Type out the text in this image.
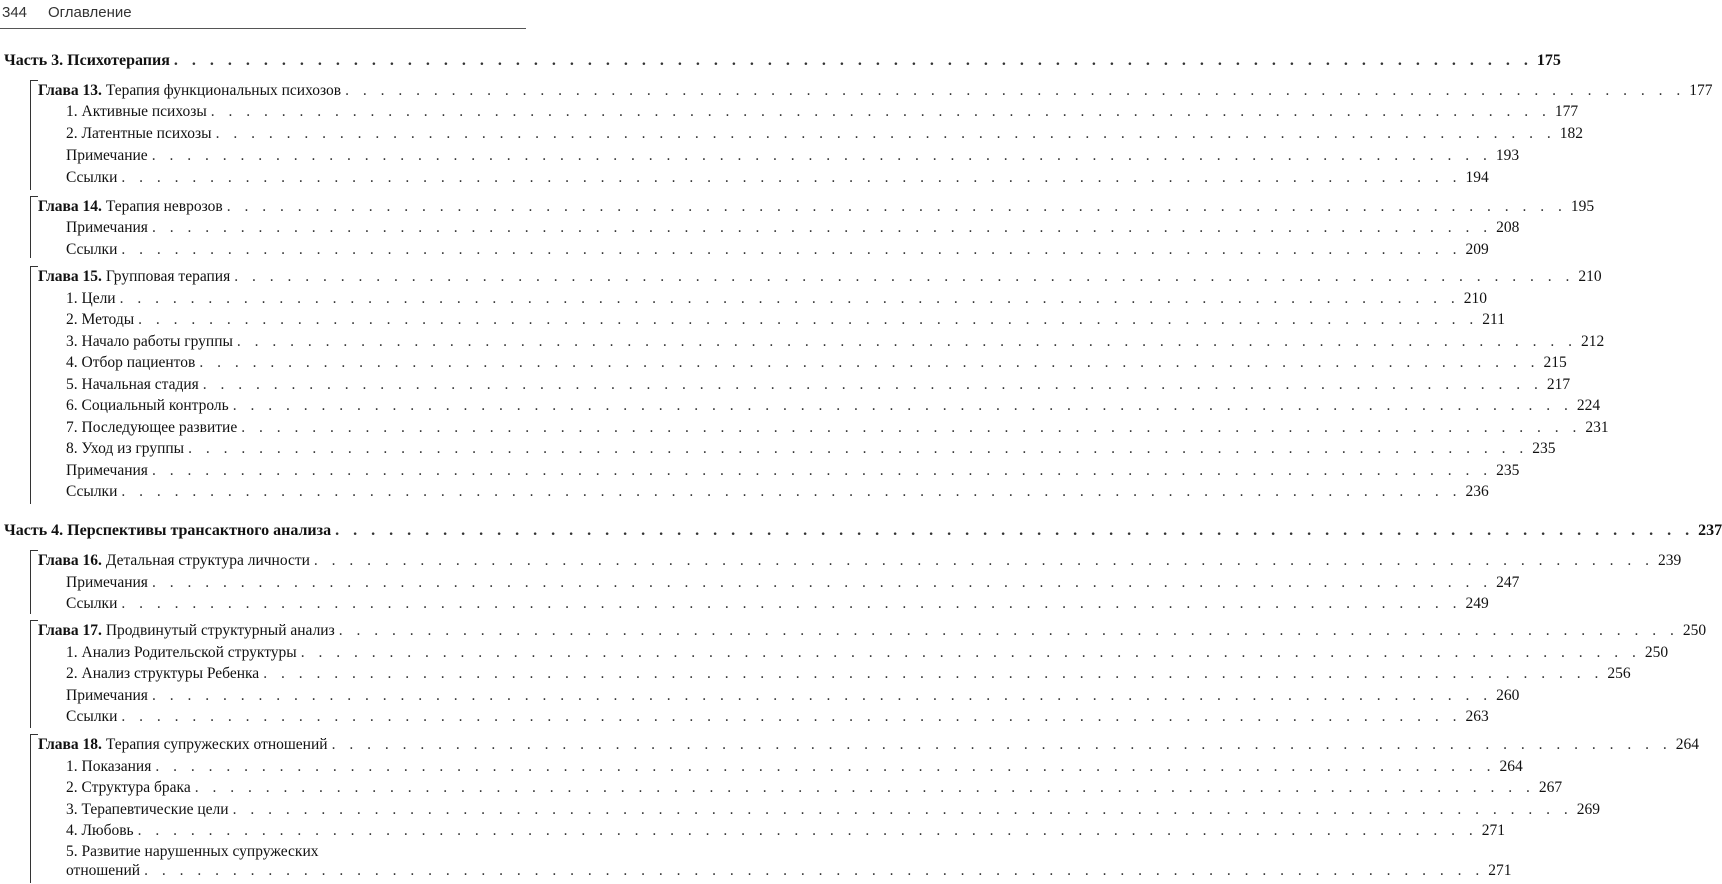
344 Оглавление
Часть 3. Психотерапия . . . . . . . . . . . . . . . . . . . . . . . . . . . . . . . . . . . . . . . . . . . . . . . . . . . . . . . . . . . . . . . . . . . . . . . . . . . . 175
Глава 13. Терапия функциональных психозов . . . . . . . . . . . . . . . . . . . . . . . . . . . . . . . . . . . . . . . . . . . . . . . . . . . . . . . . . . . . . . . . . . . . . . . . . . . . 177
1. Активные психозы . . . . . . . . . . . . . . . . . . . . . . . . . . . . . . . . . . . . . . . . . . . . . . . . . . . . . . . . . . . . . . . . . . . . . . . . . . . . 177
2. Латентные психозы . . . . . . . . . . . . . . . . . . . . . . . . . . . . . . . . . . . . . . . . . . . . . . . . . . . . . . . . . . . . . . . . . . . . . . . . . . . . 182
Примечание . . . . . . . . . . . . . . . . . . . . . . . . . . . . . . . . . . . . . . . . . . . . . . . . . . . . . . . . . . . . . . . . . . . . . . . . . . . . 193
Ссылки . . . . . . . . . . . . . . . . . . . . . . . . . . . . . . . . . . . . . . . . . . . . . . . . . . . . . . . . . . . . . . . . . . . . . . . . . . . . 194
Глава 14. Терапия неврозов . . . . . . . . . . . . . . . . . . . . . . . . . . . . . . . . . . . . . . . . . . . . . . . . . . . . . . . . . . . . . . . . . . . . . . . . . . . . 195
Примечания . . . . . . . . . . . . . . . . . . . . . . . . . . . . . . . . . . . . . . . . . . . . . . . . . . . . . . . . . . . . . . . . . . . . . . . . . . . . 208
Ссылки . . . . . . . . . . . . . . . . . . . . . . . . . . . . . . . . . . . . . . . . . . . . . . . . . . . . . . . . . . . . . . . . . . . . . . . . . . . . 209
Глава 15. Групповая терапия . . . . . . . . . . . . . . . . . . . . . . . . . . . . . . . . . . . . . . . . . . . . . . . . . . . . . . . . . . . . . . . . . . . . . . . . . . . . 210
1. Цели . . . . . . . . . . . . . . . . . . . . . . . . . . . . . . . . . . . . . . . . . . . . . . . . . . . . . . . . . . . . . . . . . . . . . . . . . . . . 210
2. Методы . . . . . . . . . . . . . . . . . . . . . . . . . . . . . . . . . . . . . . . . . . . . . . . . . . . . . . . . . . . . . . . . . . . . . . . . . . . . 211
3. Начало работы группы . . . . . . . . . . . . . . . . . . . . . . . . . . . . . . . . . . . . . . . . . . . . . . . . . . . . . . . . . . . . . . . . . . . . . . . . . . . . 212
4. Отбор пациентов . . . . . . . . . . . . . . . . . . . . . . . . . . . . . . . . . . . . . . . . . . . . . . . . . . . . . . . . . . . . . . . . . . . . . . . . . . . . 215
5. Начальная стадия . . . . . . . . . . . . . . . . . . . . . . . . . . . . . . . . . . . . . . . . . . . . . . . . . . . . . . . . . . . . . . . . . . . . . . . . . . . . 217
6. Социальный контроль . . . . . . . . . . . . . . . . . . . . . . . . . . . . . . . . . . . . . . . . . . . . . . . . . . . . . . . . . . . . . . . . . . . . . . . . . . . . 224
7. Последующее развитие . . . . . . . . . . . . . . . . . . . . . . . . . . . . . . . . . . . . . . . . . . . . . . . . . . . . . . . . . . . . . . . . . . . . . . . . . . . . 231
8. Уход из группы . . . . . . . . . . . . . . . . . . . . . . . . . . . . . . . . . . . . . . . . . . . . . . . . . . . . . . . . . . . . . . . . . . . . . . . . . . . . 235
Примечания . . . . . . . . . . . . . . . . . . . . . . . . . . . . . . . . . . . . . . . . . . . . . . . . . . . . . . . . . . . . . . . . . . . . . . . . . . . . 235
Ссылки . . . . . . . . . . . . . . . . . . . . . . . . . . . . . . . . . . . . . . . . . . . . . . . . . . . . . . . . . . . . . . . . . . . . . . . . . . . . 236
Часть 4. Перспективы трансактного анализа . . . . . . . . . . . . . . . . . . . . . . . . . . . . . . . . . . . . . . . . . . . . . . . . . . . . . . . . . . . . . . . . . . . . . . . . . . . . 237
Глава 16. Детальная структура личности . . . . . . . . . . . . . . . . . . . . . . . . . . . . . . . . . . . . . . . . . . . . . . . . . . . . . . . . . . . . . . . . . . . . . . . . . . . . 239
Примечания . . . . . . . . . . . . . . . . . . . . . . . . . . . . . . . . . . . . . . . . . . . . . . . . . . . . . . . . . . . . . . . . . . . . . . . . . . . . 247
Ссылки . . . . . . . . . . . . . . . . . . . . . . . . . . . . . . . . . . . . . . . . . . . . . . . . . . . . . . . . . . . . . . . . . . . . . . . . . . . . 249
Глава 17. Продвинутый структурный анализ . . . . . . . . . . . . . . . . . . . . . . . . . . . . . . . . . . . . . . . . . . . . . . . . . . . . . . . . . . . . . . . . . . . . . . . . . . . . 250
1. Анализ Родительской структуры . . . . . . . . . . . . . . . . . . . . . . . . . . . . . . . . . . . . . . . . . . . . . . . . . . . . . . . . . . . . . . . . . . . . . . . . . . . . 250
2. Анализ структуры Ребенка . . . . . . . . . . . . . . . . . . . . . . . . . . . . . . . . . . . . . . . . . . . . . . . . . . . . . . . . . . . . . . . . . . . . . . . . . . . . 256
Примечания . . . . . . . . . . . . . . . . . . . . . . . . . . . . . . . . . . . . . . . . . . . . . . . . . . . . . . . . . . . . . . . . . . . . . . . . . . . . 260
Ссылки . . . . . . . . . . . . . . . . . . . . . . . . . . . . . . . . . . . . . . . . . . . . . . . . . . . . . . . . . . . . . . . . . . . . . . . . . . . . 263
Глава 18. Терапия супружеских отношений . . . . . . . . . . . . . . . . . . . . . . . . . . . . . . . . . . . . . . . . . . . . . . . . . . . . . . . . . . . . . . . . . . . . . . . . . . . . 264
1. Показания . . . . . . . . . . . . . . . . . . . . . . . . . . . . . . . . . . . . . . . . . . . . . . . . . . . . . . . . . . . . . . . . . . . . . . . . . . . . 264
2. Структура брака . . . . . . . . . . . . . . . . . . . . . . . . . . . . . . . . . . . . . . . . . . . . . . . . . . . . . . . . . . . . . . . . . . . . . . . . . . . . 267
3. Терапевтические цели . . . . . . . . . . . . . . . . . . . . . . . . . . . . . . . . . . . . . . . . . . . . . . . . . . . . . . . . . . . . . . . . . . . . . . . . . . . . 269
4. Любовь . . . . . . . . . . . . . . . . . . . . . . . . . . . . . . . . . . . . . . . . . . . . . . . . . . . . . . . . . . . . . . . . . . . . . . . . . . . . 271
5. Развитие нарушенных супружеских
отношений . . . . . . . . . . . . . . . . . . . . . . . . . . . . . . . . . . . . . . . . . . . . . . . . . . . . . . . . . . . . . . . . . . . . . . . . . . . . 271
